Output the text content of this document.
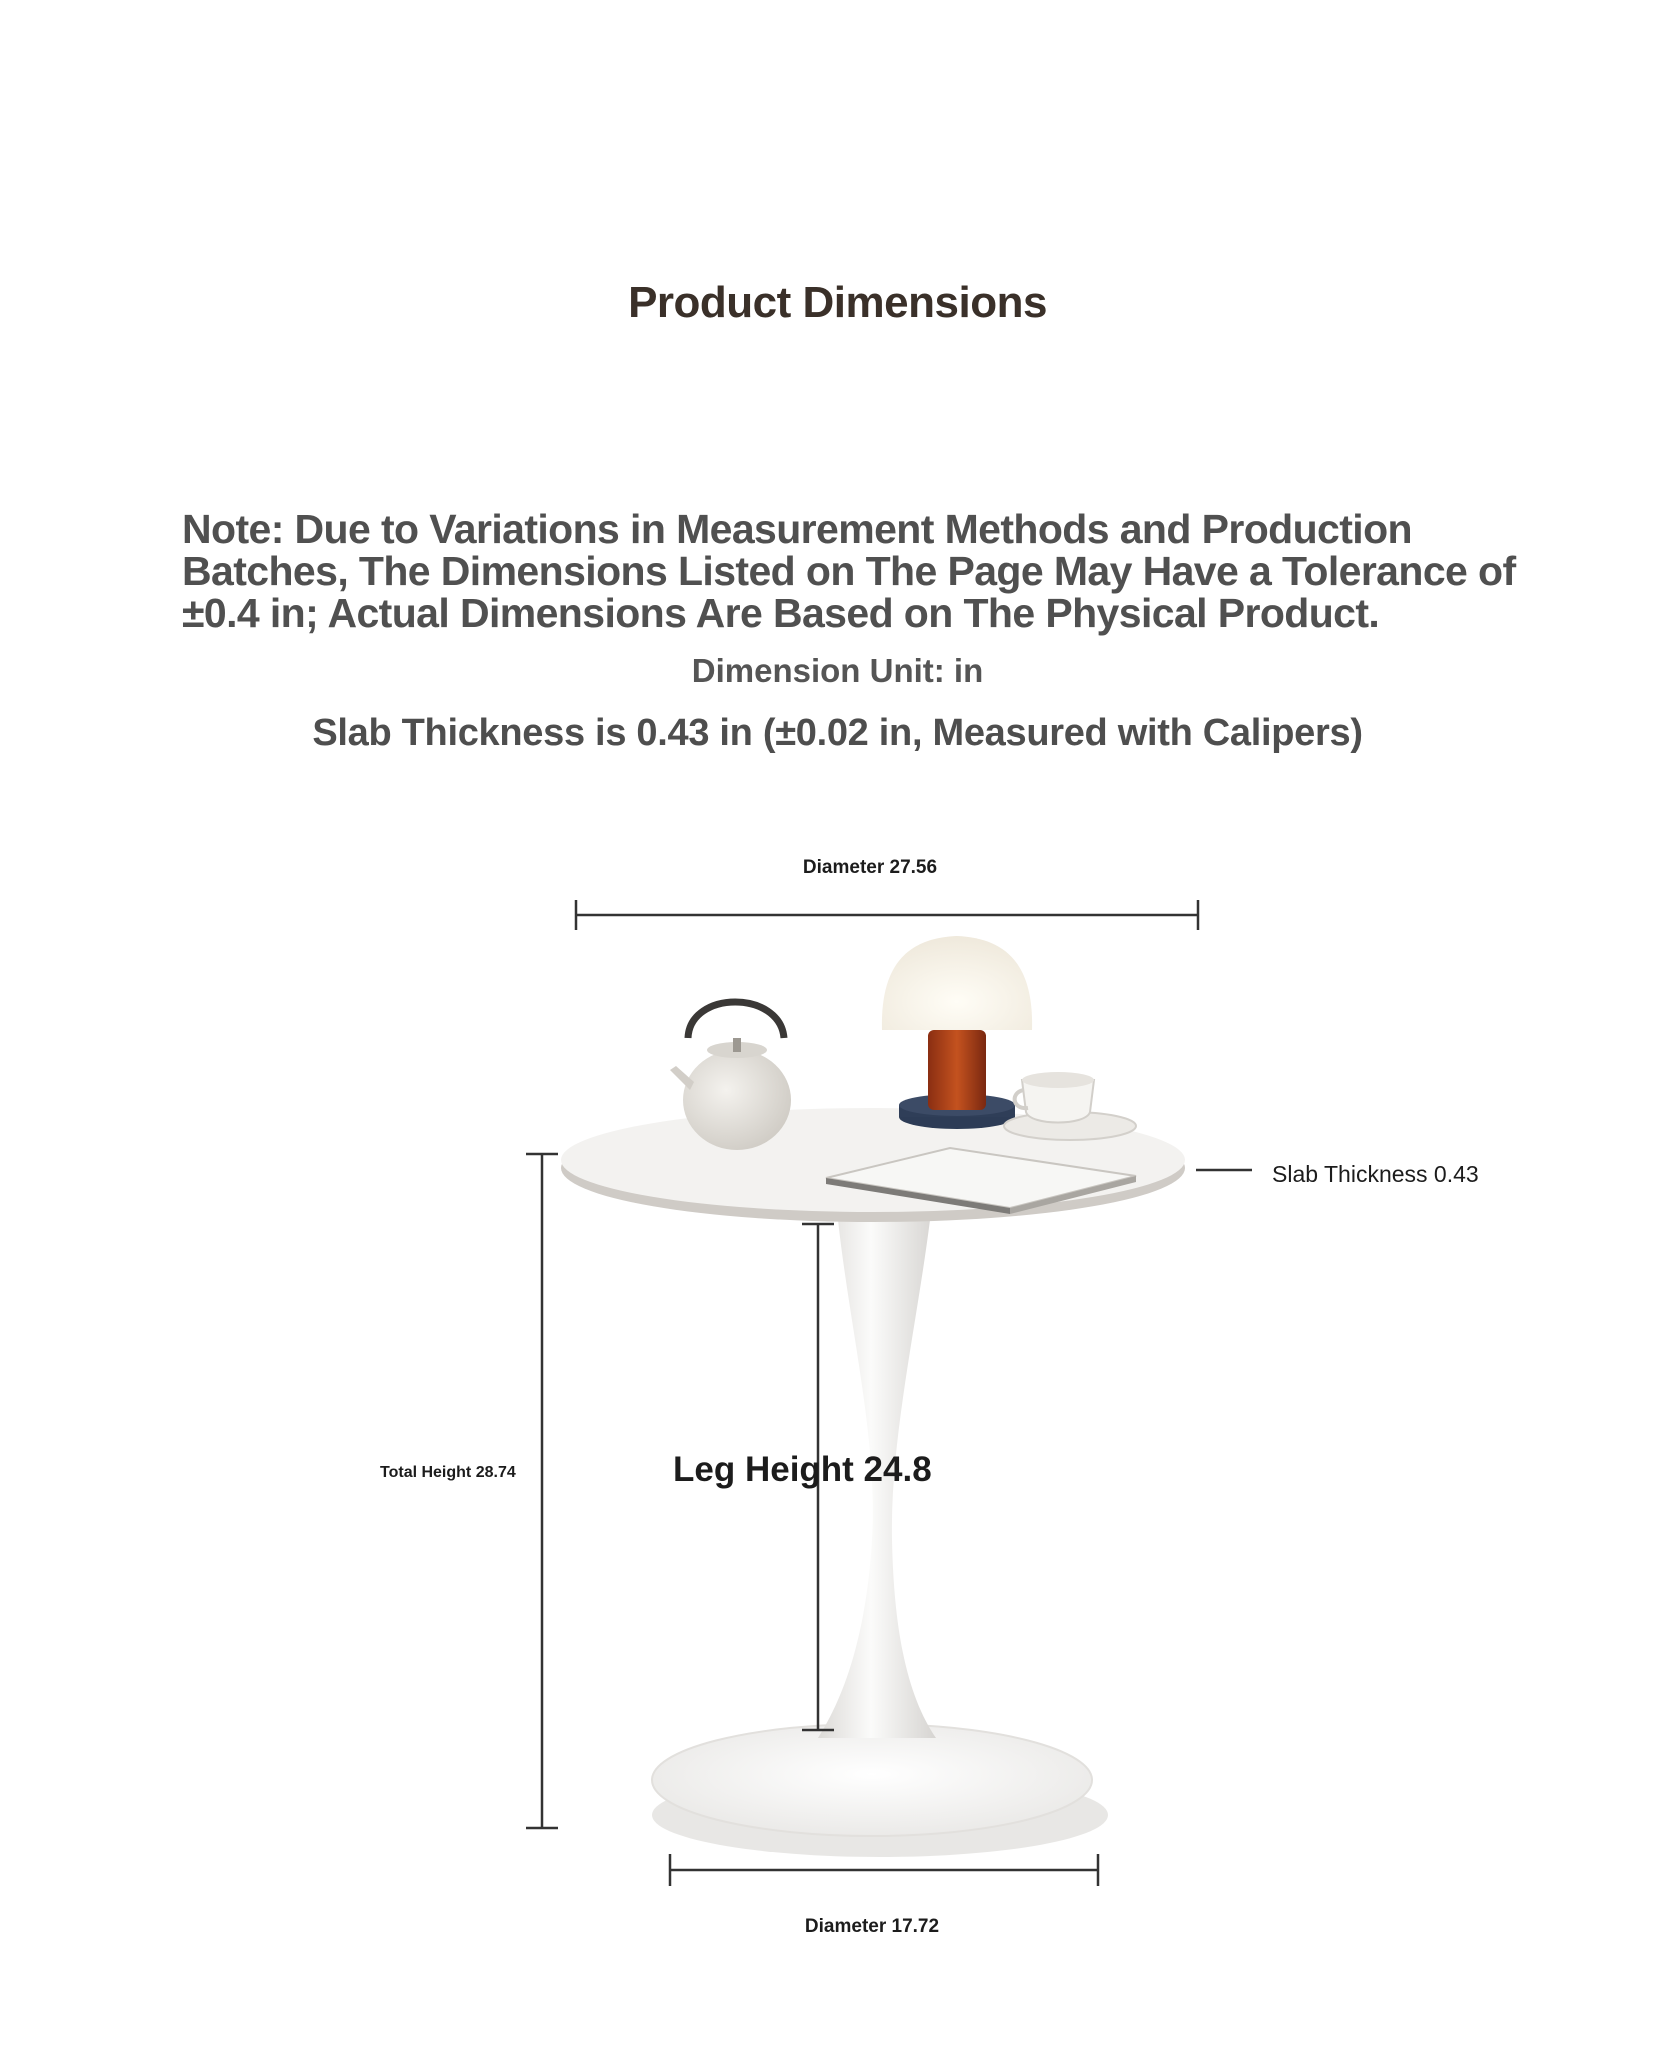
Product Dimensions
Note: Due to Variations in Measurement Methods and Production Batches, The Dimensions Listed on The Page May Have a Tolerance of ±0.4 in; Actual Dimensions Are Based on The Physical Product.
Dimension Unit: in
Slab Thickness is 0.43 in (±0.02 in, Measured with Calipers)
Diameter 27.56
Slab Thickness 0.43
Total Height 28.74	Leg Height 24.8
Diameter 17.72
